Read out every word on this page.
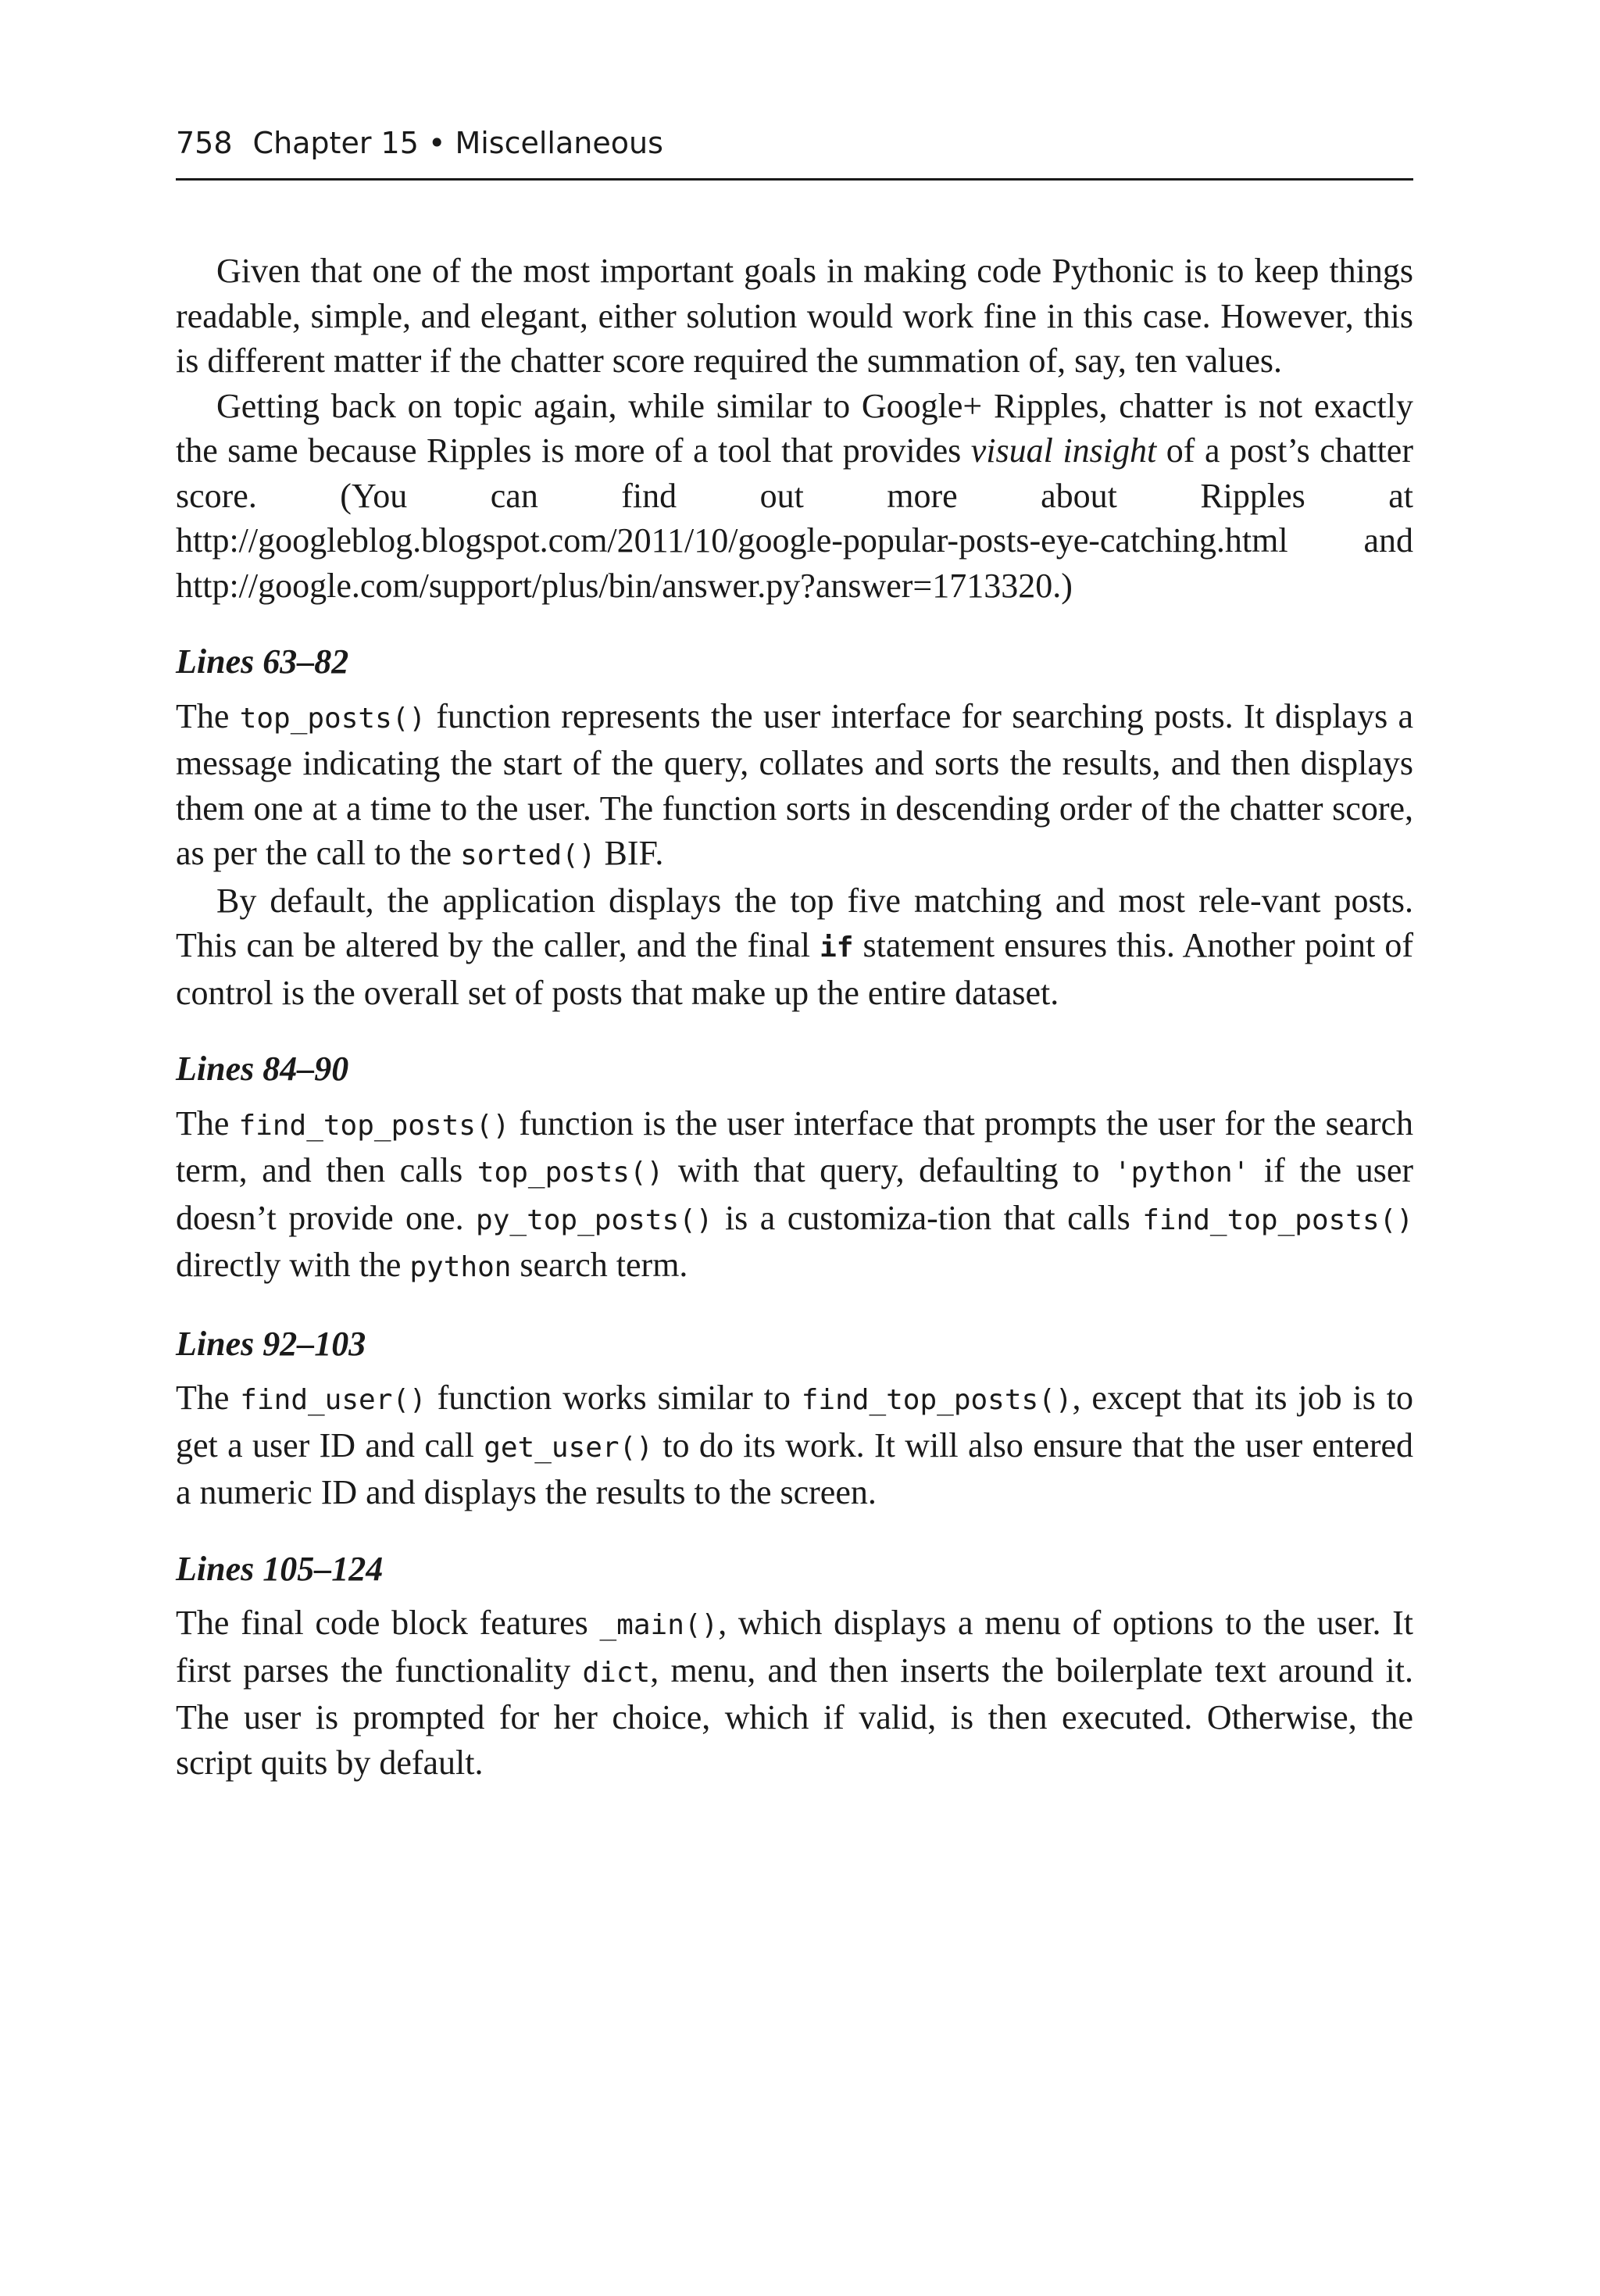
758 Chapter 15 • Miscellaneous

Given that one of the most important goals in making code Pythonic is to keep things readable, simple, and elegant, either solution would work fine in this case. However, this is different matter if the chatter score required the summation of, say, ten values.

Getting back on topic again, while similar to Google+ Ripples, chatter is not exactly the same because Ripples is more of a tool that provides visual insight of a post’s chatter score. (You can find out more about Ripples at http://googleblog.blogspot.com/2011/10/google-popular-posts-eye-catching.html and http://google.com/support/plus/bin/answer.py?answer=1713320.)

Lines 63–82

The top_posts() function represents the user interface for searching posts. It displays a message indicating the start of the query, collates and sorts the results, and then displays them one at a time to the user. The function sorts in descending order of the chatter score, as per the call to the sorted() BIF.

By default, the application displays the top five matching and most rele-vant posts. This can be altered by the caller, and the final if statement ensures this. Another point of control is the overall set of posts that make up the entire dataset.

Lines 84–90

The find_top_posts() function is the user interface that prompts the user for the search term, and then calls top_posts() with that query, defaulting to 'python' if the user doesn’t provide one. py_top_posts() is a customiza-tion that calls find_top_posts() directly with the python search term.

Lines 92–103

The find_user() function works similar to find_top_posts(), except that its job is to get a user ID and call get_user() to do its work. It will also ensure that the user entered a numeric ID and displays the results to the screen.

Lines 105–124

The final code block features _main(), which displays a menu of options to the user. It first parses the functionality dict, menu, and then inserts the boilerplate text around it. The user is prompted for her choice, which if valid, is then executed. Otherwise, the script quits by default.
